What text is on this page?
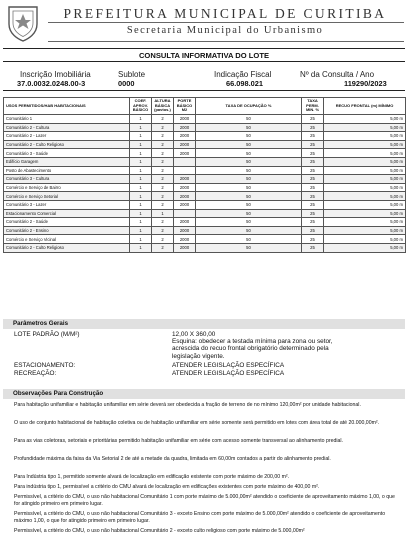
PREFEITURA MUNICIPAL DE CURITIBA
Secretaria Municipal do Urbanismo
CONSULTA INFORMATIVA DO LOTE
Inscrição Imobiliária
37.0.0032.0248.00-3
Sublote
0000
Indicação Fiscal
66.098.021
Nº da Consulta / Ano
119290/2023
USOS PERMITIDOS/HAB HABITACIONAIS	COEF. APROV. BÁSICO	ALTURA BÁSICA (pavtos.)	PORTE BÁSICO M2	TAXA DE OCUPAÇÃO %	TAXA PERM. MIN. %	RECUO FRONTAL (m) MÍNIMO
Comunitário 1	1	2	2000	50	25	5,00 m
Comunitário 2 - Cultura	1	2	2000	50	25	5,00 m
Comunitário 2 - Lazer	1	2	2000	50	25	5,00 m
Comunitário 2 - Culto Religioso	1	2	2000	50	25	5,00 m
Comunitário 3 - Saúde	1	2	2000	50	25	5,00 m
Edifício Garagem	1	2		50	25	5,00 m
Posto de Abastecimento	1	2		50	25	5,00 m
Comunitário 3 - Cultura	1	2	2000	50	25	5,00 m
Comércio e Serviço de Bairro	1	2	2000	50	25	5,00 m
Comércio e Serviço Setorial	1	2	2000	50	25	5,00 m
Comunitário 3 - Lazer	1	2	2000	50	25	5,00 m
Estacionamento Comercial	1	1		50	25	5,00 m
Comunitário 2 - Saúde	1	2	2000	50	25	5,00 m
Comunitário 2 - Ensino	1	2	2000	50	25	5,00 m
Comércio e Serviço Vicinal	1	2	2000	50	25	5,00 m
Comunitário 2 - Culto Religioso	1	2	2000	50	25	5,00 m
Parâmetros Gerais
LOTE PADRÃO (M/M²)	12,00 X 360,00
Esquina: obedecer a testada mínima para zona ou setor, acrescida do recuo frontal obrigatório determinado pela legislação vigente.
ESTACIONAMENTO:	ATENDER LEGISLAÇÃO ESPECÍFICA
RECREAÇÃO:	ATENDER LEGISLAÇÃO ESPECÍFICA
Observações Para Construção
Para habitação unifamiliar e habitação unifamiliar em série deverá ser obedecida a fração de terreno de no mínimo 120,00m² por unidade habitacional.
O uso de conjunto habitacional de habitação coletiva ou de habitação unifamiliar em série somente será permitido em lotes com área total de até 20.000,00m².
Para as vias coletoras, setoriais e prioritárias permitido habitação unifamiliar em série com acesso somente transversal ao alinhamento predial.
Profundidade máxima da faixa da Via Setorial 2 de até a metade da quadra, limitada em 60,00m contados a partir do alinhamento predial.
Para Indústria tipo 1, permitido somente alvará de localização em edificação existente com porte máximo de 200,00 m².
Para indústria tipo 1, permissível a critério do CMU alvará de localização em edificações existentes com porte máximo de 400,00 m².
Permissível, a critério do CMU, o uso não habitacional Comunitário 1 com porte máximo de 5.000,00m² atendido o coeficiente de aproveitamento máximo 1,00, o que for atingido primeiro em primeiro lugar.
Permissível, a critério do CMU, o uso não habitacional Comunitário 3 - exceto Ensino com porte máximo de 5.000,00m² atendido o coeficiente de aproveitamento máximo 1,00, o que for atingido primeiro em primeiro lugar.
Permissível, a critério do CMU, o uso não habitacional Comunitário 2 - exceto culto religioso com porte máximo de 5.000,00m²
